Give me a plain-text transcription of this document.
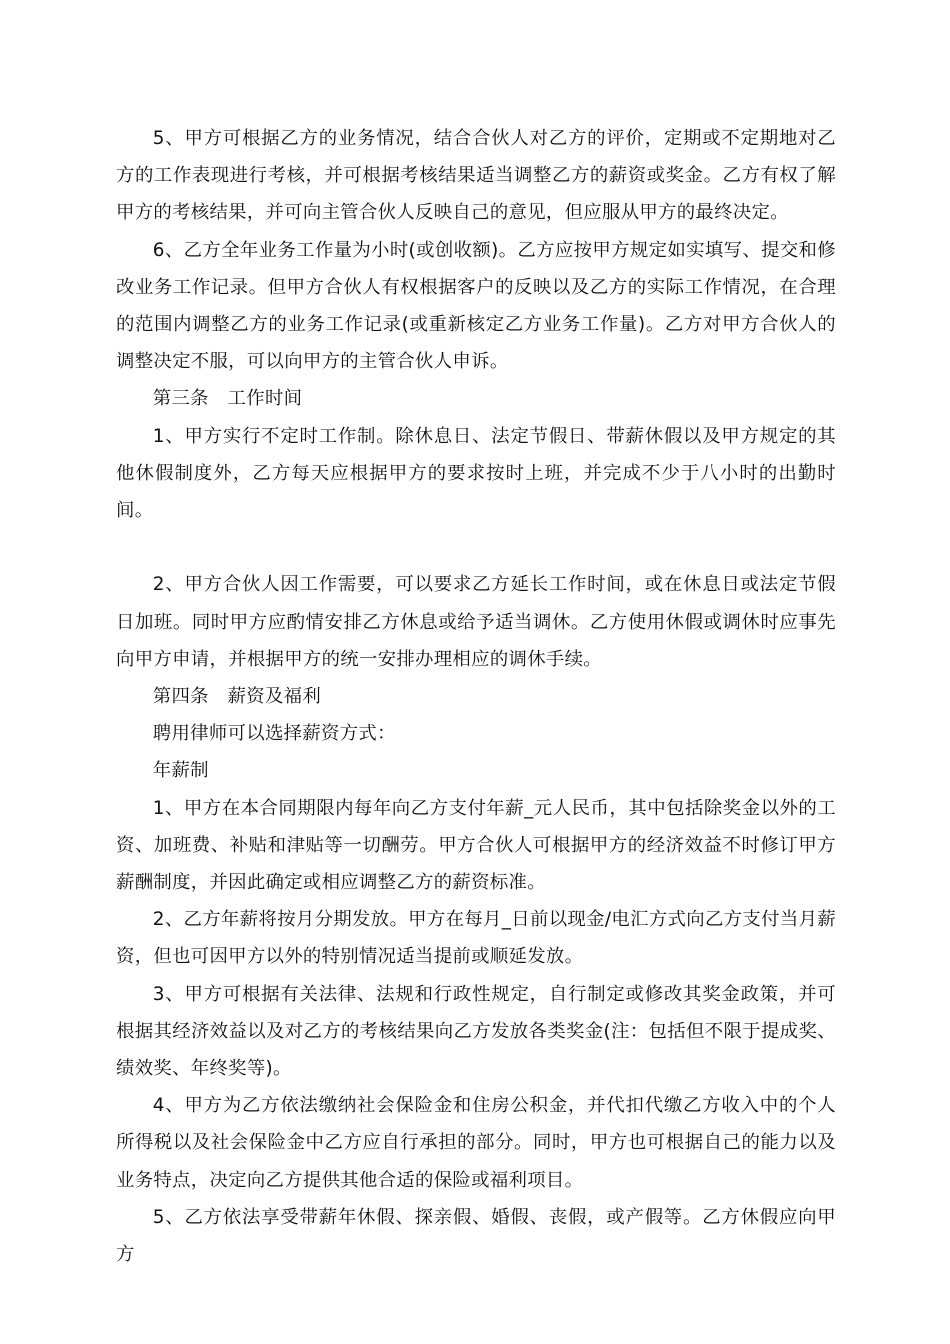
5、甲方可根据乙方的业务情况，结合合伙人对乙方的评价，定期或不定期地对乙方的工作表现进行考核，并可根据考核结果适当调整乙方的薪资或奖金。乙方有权了解甲方的考核结果，并可向主管合伙人反映自己的意见，但应服从甲方的最终决定。

6、乙方全年业务工作量为小时(或创收额)。乙方应按甲方规定如实填写、提交和修改业务工作记录。但甲方合伙人有权根据客户的反映以及乙方的实际工作情况，在合理的范围内调整乙方的业务工作记录(或重新核定乙方业务工作量)。乙方对甲方合伙人的调整决定不服，可以向甲方的主管合伙人申诉。

第三条　工作时间

1、甲方实行不定时工作制。除休息日、法定节假日、带薪休假以及甲方规定的其他休假制度外，乙方每天应根据甲方的要求按时上班，并完成不少于八小时的出勤时间。

2、甲方合伙人因工作需要，可以要求乙方延长工作时间，或在休息日或法定节假日加班。同时甲方应酌情安排乙方休息或给予适当调休。乙方使用休假或调休时应事先向甲方申请，并根据甲方的统一安排办理相应的调休手续。

第四条　薪资及福利

聘用律师可以选择薪资方式：

年薪制

1、甲方在本合同期限内每年向乙方支付年薪_元人民币，其中包括除奖金以外的工资、加班费、补贴和津贴等一切酬劳。甲方合伙人可根据甲方的经济效益不时修订甲方薪酬制度，并因此确定或相应调整乙方的薪资标准。

2、乙方年薪将按月分期发放。甲方在每月_日前以现金/电汇方式向乙方支付当月薪资，但也可因甲方以外的特别情况适当提前或顺延发放。

3、甲方可根据有关法律、法规和行政性规定，自行制定或修改其奖金政策，并可根据其经济效益以及对乙方的考核结果向乙方发放各类奖金(注：包括但不限于提成奖、绩效奖、年终奖等)。

4、甲方为乙方依法缴纳社会保险金和住房公积金，并代扣代缴乙方收入中的个人所得税以及社会保险金中乙方应自行承担的部分。同时，甲方也可根据自己的能力以及业务特点，决定向乙方提供其他合适的保险或福利项目。

5、乙方依法享受带薪年休假、探亲假、婚假、丧假，或产假等。乙方休假应向甲方
